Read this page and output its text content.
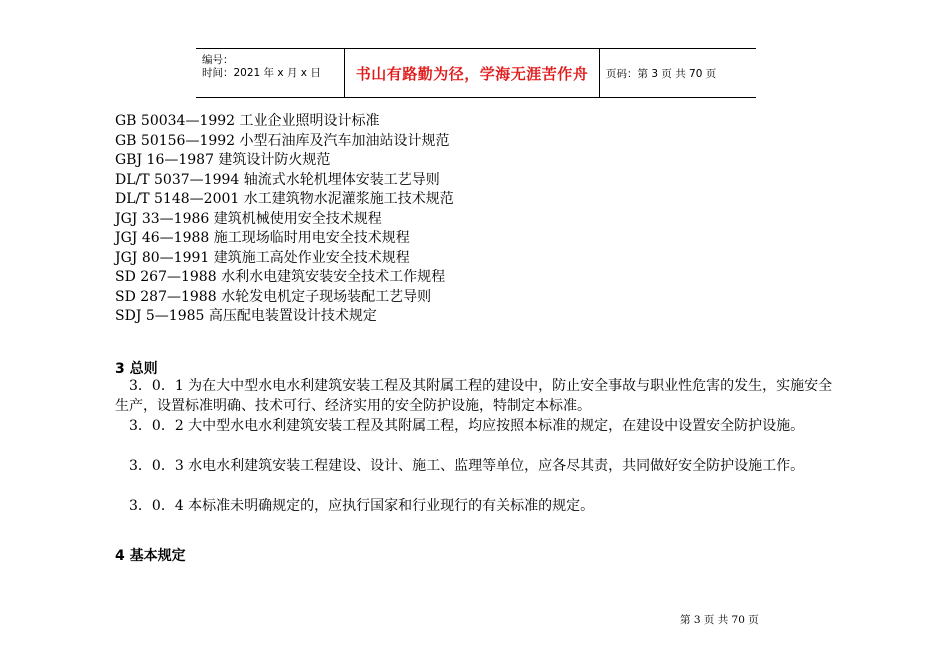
编号：
时间：2021 年 x 月 x 日 书山有路勤为径，学海无涯苦作舟 页码：第 3 页 共 70 页
GB 50034—1992 工业企业照明设计标准
GB 50156—1992 小型石油库及汽车加油站设计规范
GBJ 16—1987 建筑设计防火规范
DL/T 5037—1994 轴流式水轮机埋体安装工艺导则
DL/T 5148—2001 水工建筑物水泥灌浆施工技术规范
JGJ 33—1986 建筑机械使用安全技术规程
JGJ 46—1988 施工现场临时用电安全技术规程
JGJ 80—1991 建筑施工高处作业安全技术规程
SD 267—1988 水利水电建筑安装安全技术工作规程
SD 287—1988 水轮发电机定子现场装配工艺导则
SDJ 5—1985 高压配电装置设计技术规定
3 总则
　3．0．1 为在大中型水电水利建筑安装工程及其附属工程的建设中，防止安全事故与职业性危害的发生，实施安全生产，设置标准明确、技术可行、经济实用的安全防护设施，特制定本标准。
　3．0．2 大中型水电水利建筑安装工程及其附属工程，均应按照本标准的规定，在建设中设置安全防护设施。
　3．0．3 水电水利建筑安装工程建设、设计、施工、监理等单位，应各尽其责，共同做好安全防护设施工作。
　3．0．4 本标准未明确规定的，应执行国家和行业现行的有关标准的规定。
4 基本规定
第 3 页 共 70 页
